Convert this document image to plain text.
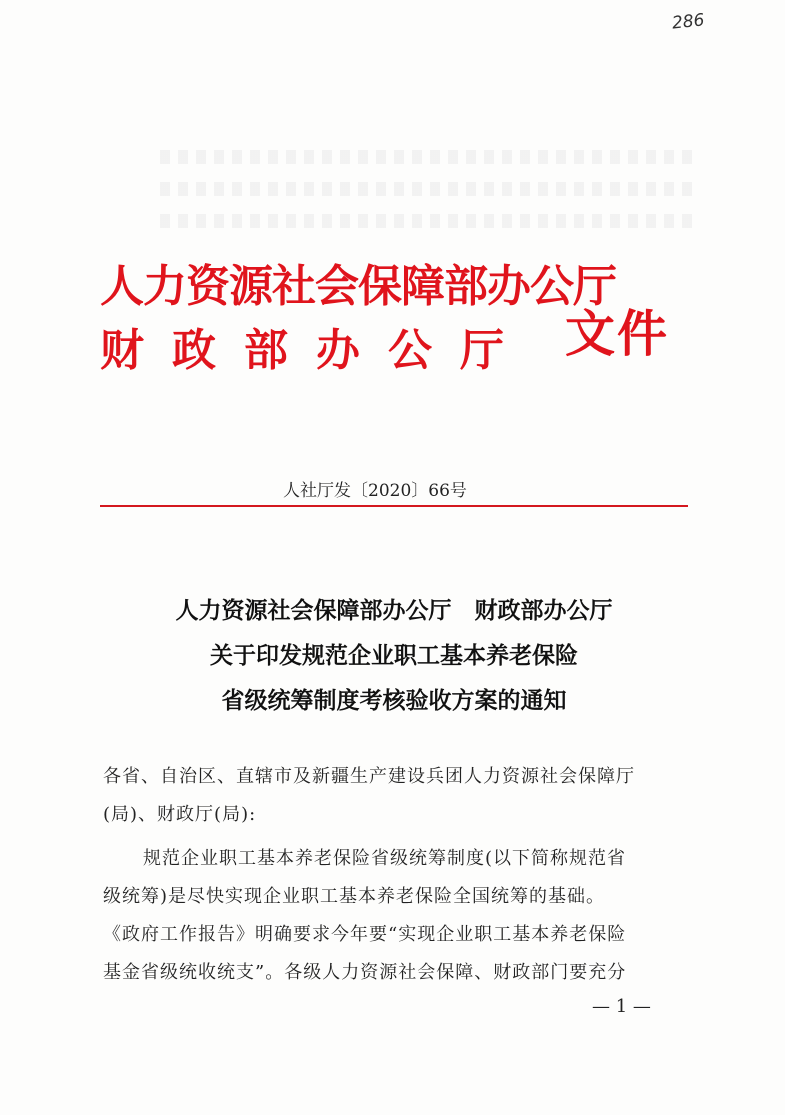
286
人力资源社会保障部办公厅
财政部办公厅 文件
人社厅发〔2020〕66号
人力资源社会保障部办公厅　财政部办公厅
关于印发规范企业职工基本养老保险
省级统筹制度考核验收方案的通知
各省、自治区、直辖市及新疆生产建设兵团人力资源社会保障厅
(局)、财政厅(局):
规范企业职工基本养老保险省级统筹制度(以下简称规范省
级统筹)是尽快实现企业职工基本养老保险全国统筹的基础。
《政府工作报告》明确要求今年要“实现企业职工基本养老保险
基金省级统收统支”。各级人力资源社会保障、财政部门要充分
— 1 —
